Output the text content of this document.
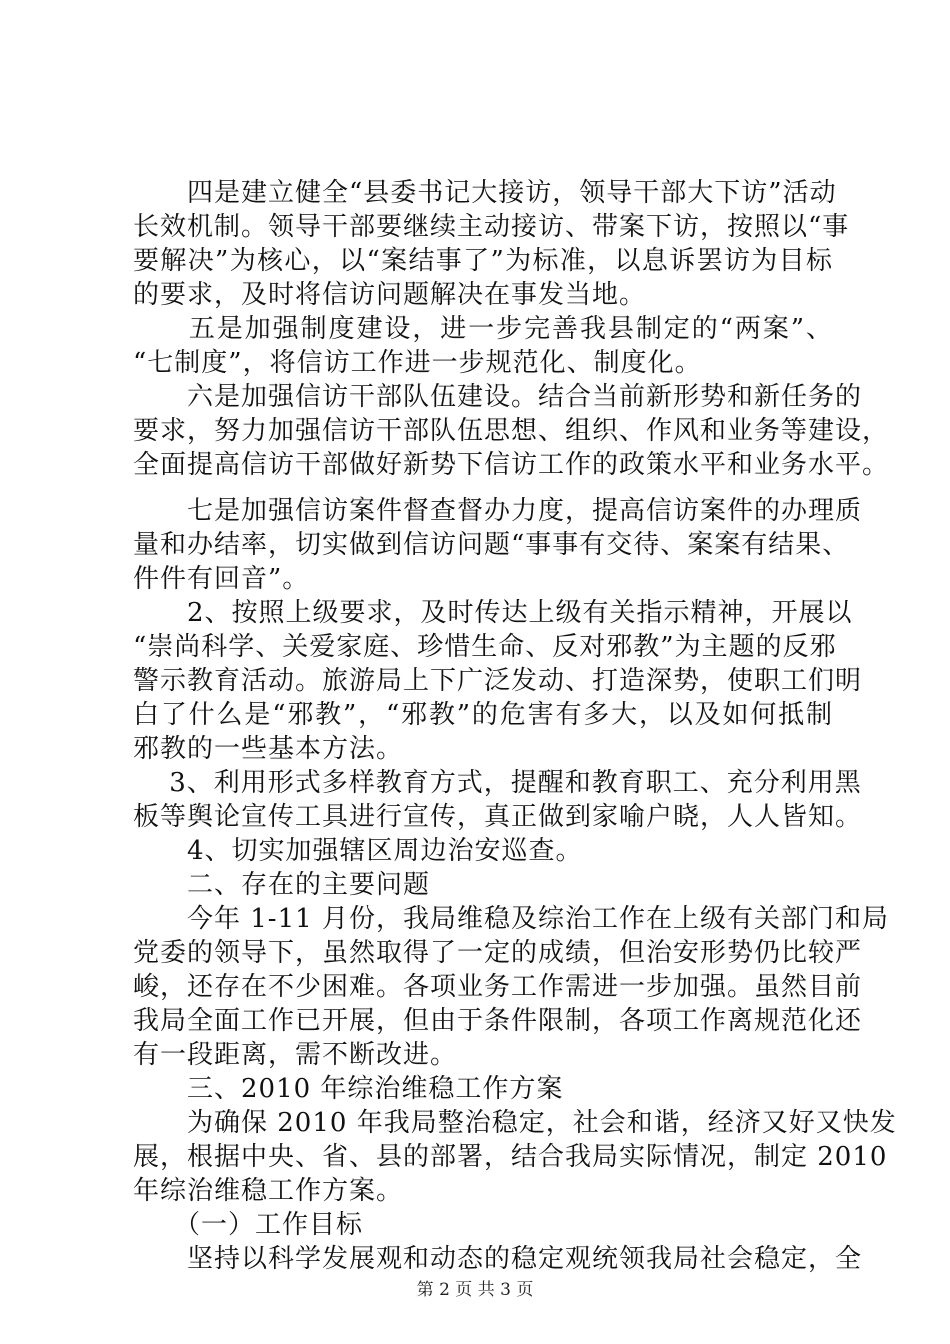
　　四是建立健全“县委书记大接访，领导干部大下访”活动
长效机制。领导干部要继续主动接访、带案下访，按照以“事
要解决”为核心，以“案结事了”为标准，以息诉罢访为目标
的要求，及时将信访问题解决在事发当地。
　　五是加强制度建设，进一步完善我县制定的“两案”、
“七制度”，将信访工作进一步规范化、制度化。
　　六是加强信访干部队伍建设。结合当前新形势和新任务的
要求，努力加强信访干部队伍思想、组织、作风和业务等建设，
全面提高信访干部做好新势下信访工作的政策水平和业务水平。
　　七是加强信访案件督查督办力度，提高信访案件的办理质
量和办结率，切实做到信访问题“事事有交待、案案有结果、
件件有回音”。
　　2、按照上级要求，及时传达上级有关指示精神，开展以
“崇尚科学、关爱家庭、珍惜生命、反对邪教”为主题的反邪
警示教育活动。旅游局上下广泛发动、打造深势，使职工们明
白了什么是“邪教”，“邪教”的危害有多大，以及如何抵制
邪教的一些基本方法。
　 3、利用形式多样教育方式，提醒和教育职工、充分利用黑
板等舆论宣传工具进行宣传，真正做到家喻户晓，人人皆知。
　　4、切实加强辖区周边治安巡查。
　　二、存在的主要问题
　　今年 1-11 月份，我局维稳及综治工作在上级有关部门和局
党委的领导下，虽然取得了一定的成绩，但治安形势仍比较严
峻，还存在不少困难。各项业务工作需进一步加强。虽然目前
我局全面工作已开展，但由于条件限制，各项工作离规范化还
有一段距离，需不断改进。
　　三、2010 年综治维稳工作方案
　　为确保 2010 年我局整治稳定，社会和谐，经济又好又快发
展，根据中央、省、县的部署，结合我局实际情况，制定 2010
年综治维稳工作方案。
　　（一）工作目标
　　坚持以科学发展观和动态的稳定观统领我局社会稳定，全
第 2 页 共 3 页
